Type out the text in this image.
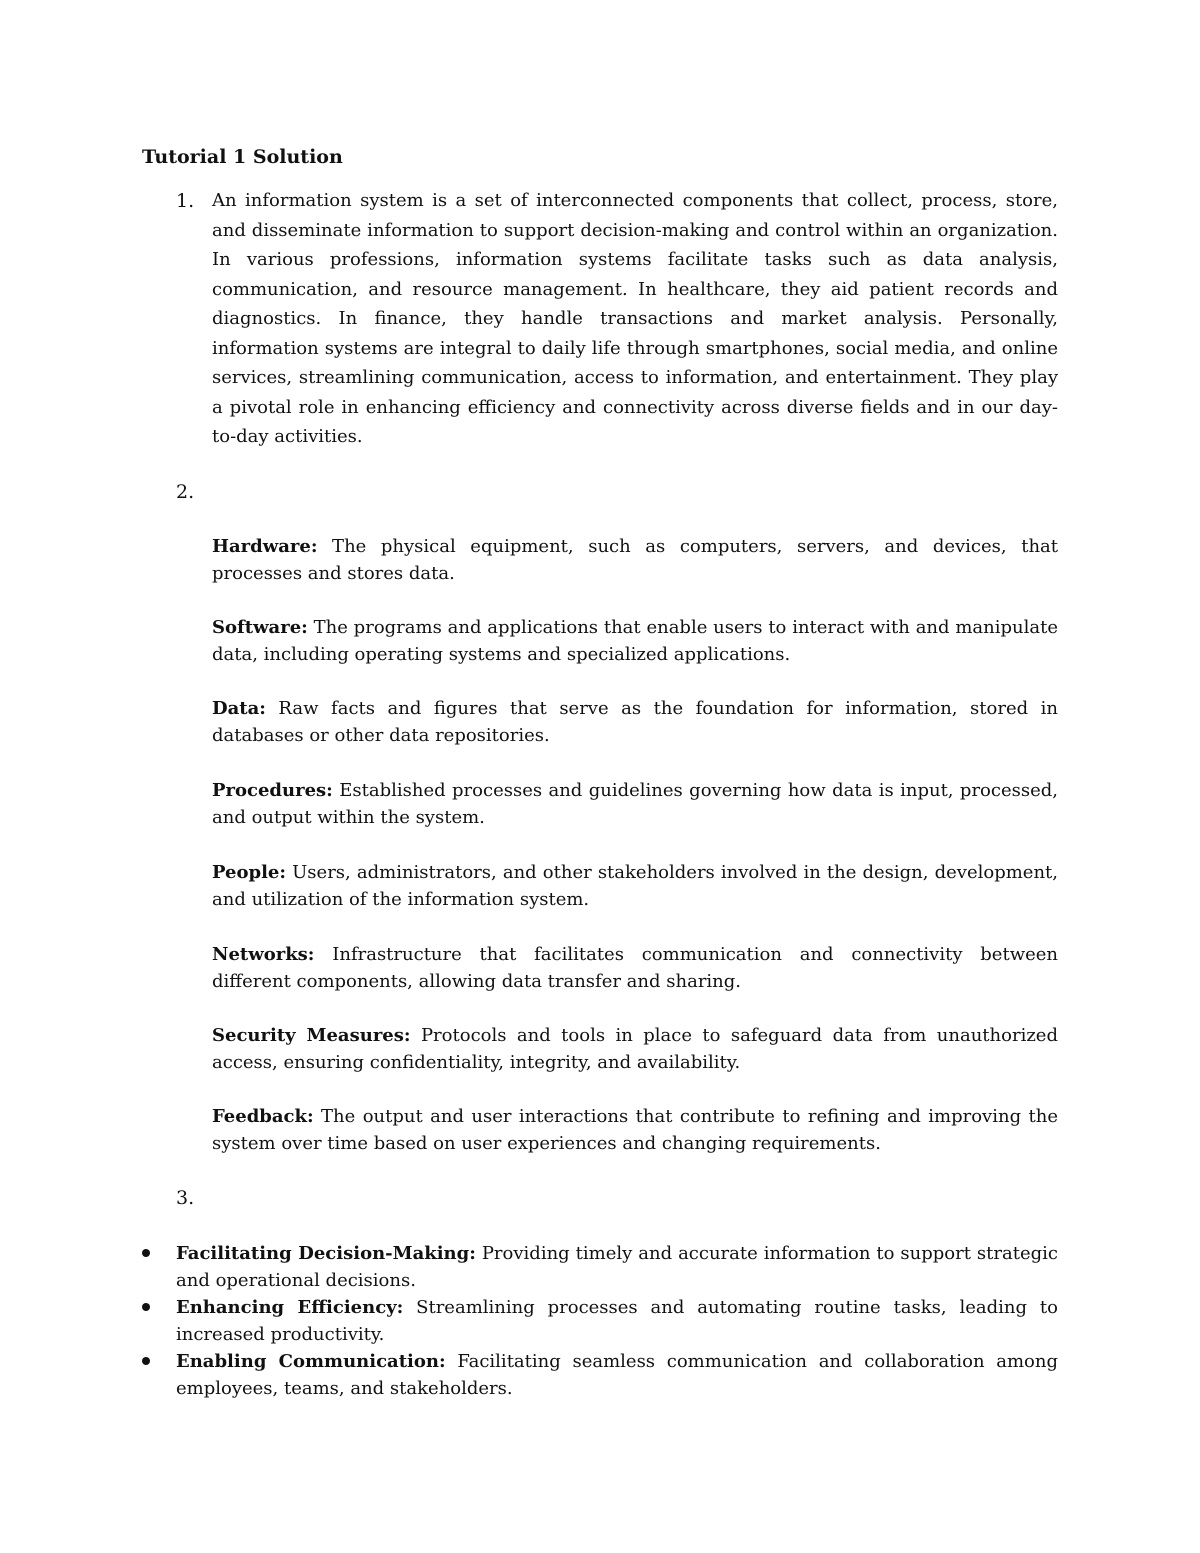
Tutorial 1 Solution
1. An information system is a set of interconnected components that collect, process, store, and disseminate information to support decision-making and control within an organization. In various professions, information systems facilitate tasks such as data analysis, communication, and resource management. In healthcare, they aid patient records and diagnostics. In finance, they handle transactions and market analysis. Personally, information systems are integral to daily life through smartphones, social media, and online services, streamlining communication, access to information, and entertainment. They play a pivotal role in enhancing efficiency and connectivity across diverse fields and in our day-to-day activities.
2.
Hardware: The physical equipment, such as computers, servers, and devices, that processes and stores data.
Software: The programs and applications that enable users to interact with and manipulate data, including operating systems and specialized applications.
Data: Raw facts and figures that serve as the foundation for information, stored in databases or other data repositories.
Procedures: Established processes and guidelines governing how data is input, processed, and output within the system.
People: Users, administrators, and other stakeholders involved in the design, development, and utilization of the information system.
Networks: Infrastructure that facilitates communication and connectivity between different components, allowing data transfer and sharing.
Security Measures: Protocols and tools in place to safeguard data from unauthorized access, ensuring confidentiality, integrity, and availability.
Feedback: The output and user interactions that contribute to refining and improving the system over time based on user experiences and changing requirements.
3.
Facilitating Decision-Making: Providing timely and accurate information to support strategic and operational decisions.
Enhancing Efficiency: Streamlining processes and automating routine tasks, leading to increased productivity.
Enabling Communication: Facilitating seamless communication and collaboration among employees, teams, and stakeholders.
